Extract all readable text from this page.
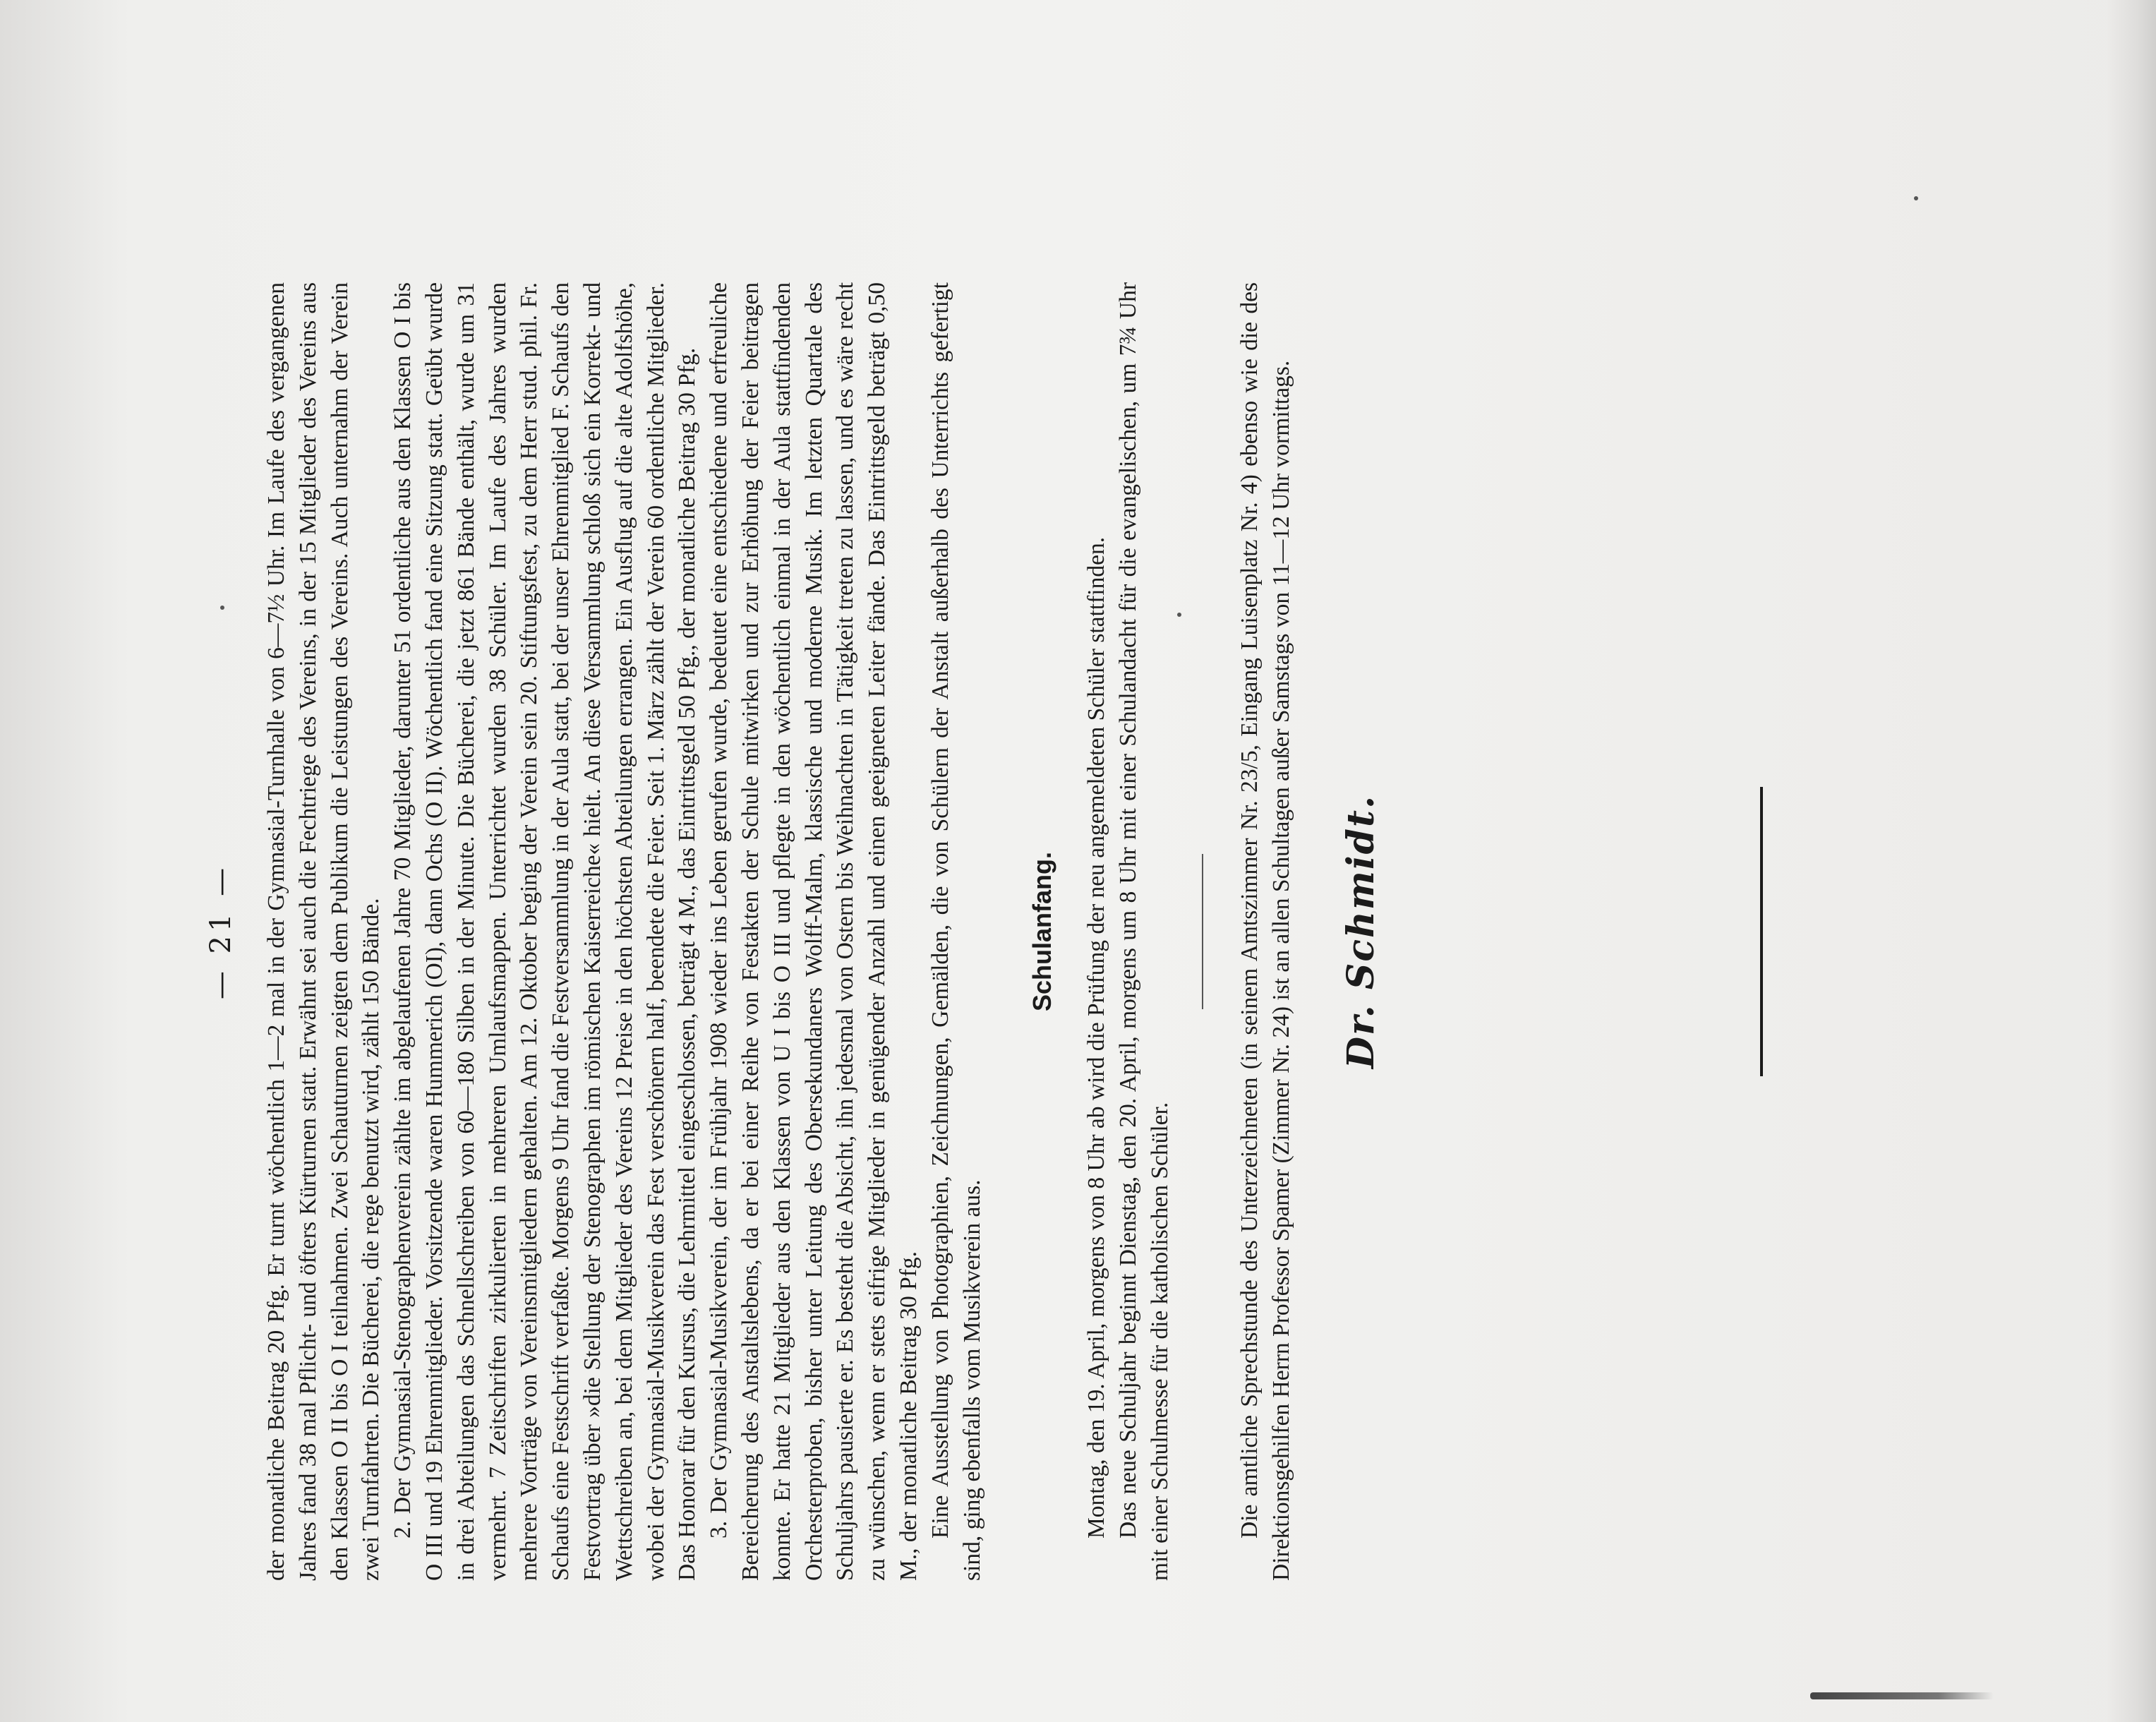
— 21 — der monatliche Beitrag 20 Pfg. Er turnt wöchentlich 1—2 mal in der Gymnasial-Turnhalle von 6—7½ Uhr. Im Laufe des vergangenen Jahres fand 38 mal Pflicht- und öfters Kürturnen statt. Erwähnt sei auch die Fechtriege des Vereins, in der 15 Mitglieder des Vereins aus den Klassen O II bis O I teilnahmen. Zwei Schauturnen zeigten dem Publikum die Leistungen des Vereins. Auch unternahm der Verein zwei Turnfahrten. Die Bücherei, die rege benutzt wird, zählt 150 Bände. 2. Der Gymnasial-Stenographenverein zählte im abgelaufenen Jahre 70 Mitglieder, darunter 51 ordentliche aus den Klassen O I bis O III und 19 Ehrenmitglieder. Vorsitzende waren Hummerich (OI), dann Ochs (O II). Wöchentlich fand eine Sitzung statt. Geübt wurde in drei Abteilungen das Schnellschreiben von 60—180 Silben in der Minute. Die Bücherei, die jetzt 861 Bände enthält, wurde um 31 vermehrt. 7 Zeitschriften zirkulierten in mehreren Umlaufsmappen. Unterrichtet wurden 38 Schüler. Im Laufe des Jahres wurden mehrere Vorträge von Vereinsmitgliedern gehalten. Am 12. Oktober beging der Verein sein 20. Stiftungsfest, zu dem Herr stud. phil. Fr. Schaufs eine Festschrift verfaßte. Morgens 9 Uhr fand die Festversammlung in der Aula statt, bei der unser Ehrenmitglied F. Schaufs den Festvortrag über »die Stellung der Stenographen im römischen Kaiserreiche« hielt. An diese Versammlung schloß sich ein Korrekt- und Wettschreiben an, bei dem Mitglieder des Vereins 12 Preise in den höchsten Abteilungen errangen. Ein Ausflug auf die alte Adolfshöhe, wobei der Gymnasial-Musikverein das Fest verschönern half, beendete die Feier. Seit 1. März zählt der Verein 60 ordentliche Mitglieder. Das Honorar für den Kursus, die Lehrmittel eingeschlossen, beträgt 4 M., das Eintrittsgeld 50 Pfg., der monatliche Beitrag 30 Pfg. 3. Der Gymnasial-Musikverein, der im Frühjahr 1908 wieder ins Leben gerufen wurde, bedeutet eine entschiedene und erfreuliche Bereicherung des Anstaltslebens, da er bei einer Reihe von Festakten der Schule mitwirken und zur Erhöhung der Feier beitragen konnte. Er hatte 21 Mitglieder aus den Klassen von U I bis O III und pflegte in den wöchentlich einmal in der Aula stattfindenden Orchesterproben, bisher unter Leitung des Obersekundaners Wolff-Malm, klassische und moderne Musik. Im letzten Quartale des Schuljahrs pausierte er. Es besteht die Absicht, ihn jedesmal von Ostern bis Weihnachten in Tätigkeit treten zu lassen, und es wäre recht zu wünschen, wenn er stets eifrige Mitglieder in genügender Anzahl und einen geeigneten Leiter fände. Das Eintrittsgeld beträgt 0,50 M., der monatliche Beitrag 30 Pfg. Eine Ausstellung von Photographien, Zeichnungen, Gemälden, die von Schülern der Anstalt außerhalb des Unterrichts gefertigt sind, ging ebenfalls vom Musikverein aus.

Schulanfang. Montag, den 19. April, morgens von 8 Uhr ab wird die Prüfung der neu angemeldeten Schüler stattfinden. Das neue Schuljahr beginnt Dienstag, den 20. April, morgens um 8 Uhr mit einer Schulandacht für die evangelischen, um 7¾ Uhr mit einer Schulmesse für die katholischen Schüler.	Die amtliche Sprechstunde des Unterzeichneten (in seinem Amtszimmer Nr. 23/5, Eingang Luisenplatz Nr. 4) ebenso wie die des Direktionsgehilfen Herrn Professor Spamer (Zimmer Nr. 24) ist an allen Schultagen außer Samstags von 11—12 Uhr vormittags. Dr. Schmidt.
